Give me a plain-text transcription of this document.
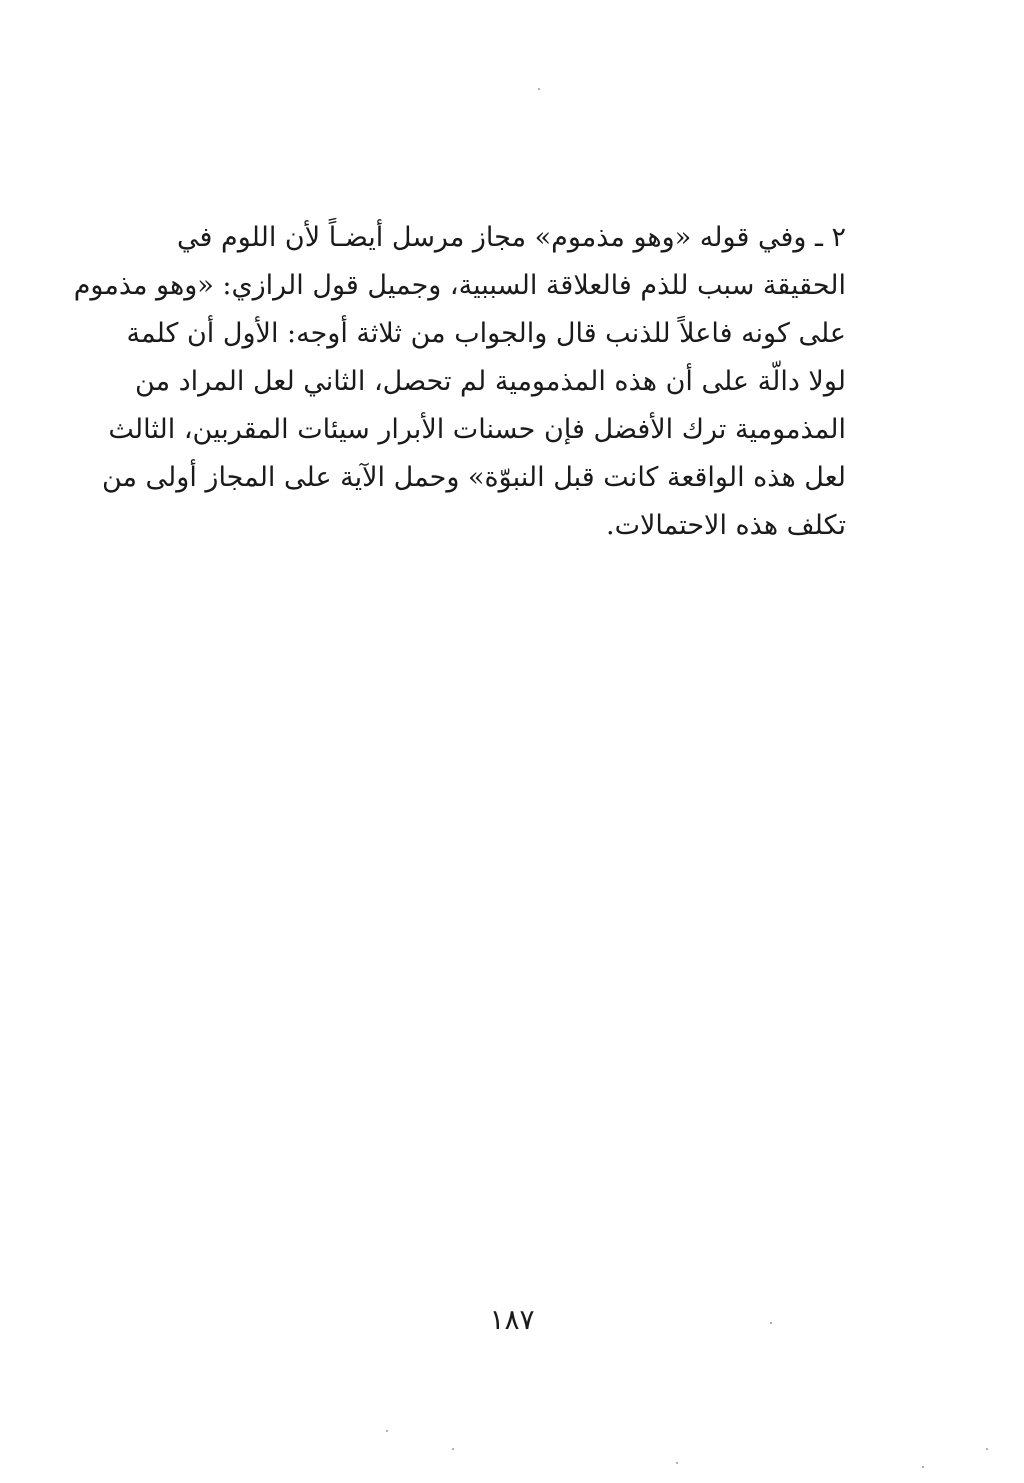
٢ ـ وفي قوله «وهو مذموم» مجاز مرسل أيضـاً لأن اللوم في
الحقيقة سبب للذم فالعلاقة السببية، وجميل قول الرازي: «وهو مذموم
على كونه فاعلاً للذنب قال والجواب من ثلاثة أوجه: الأول أن كلمة
لولا دالّة على أن هذه المذمومية لم تحصل، الثاني لعل المراد من
المذمومية ترك الأفضل فإن حسنات الأبرار سيئات المقربين، الثالث
لعل هذه الواقعة كانت قبل النبوّة» وحمل الآية على المجاز أولى من
تكلف هذه الاحتمالات.
١٨٧
